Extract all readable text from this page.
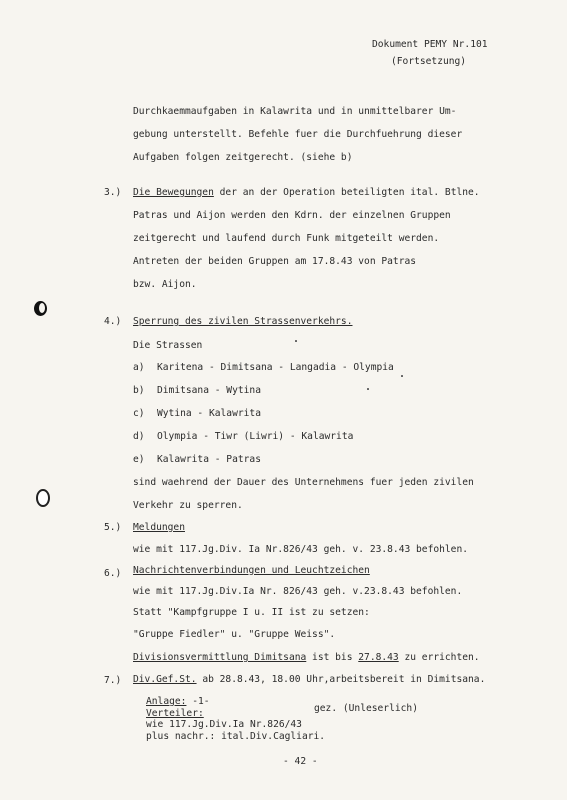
Dokument PEMY Nr.101
(Fortsetzung)
Durchkaemmaufgaben in Kalawrita und in unmittelbarer Um-
gebung unterstellt. Befehle fuer die Durchfuehrung dieser
Aufgaben folgen zeitgerecht. (siehe b)
3.) Die Bewegungen der an der Operation beteiligten ital. Btlne.
Patras und Aijon werden den Kdrn. der einzelnen Gruppen
zeitgerecht und laufend durch Funk mitgeteilt werden.
Antreten der beiden Gruppen am 17.8.43 von Patras
bzw. Aijon.
4.) Sperrung des zivilen Strassenverkehrs.
Die Strassen
a) Karitena - Dimitsana - Langadia - Olympia
b) Dimitsana - Wytina
c) Wytina - Kalawrita
d) Olympia - Tiwr (Liwri) - Kalawrita
e) Kalawrita - Patras
sind waehrend der Dauer des Unternehmens fuer jeden zivilen
Verkehr zu sperren.
5.) Meldungen
wie mit 117.Jg.Div. Ia Nr.826/43 geh. v. 23.8.43 befohlen.
6.) Nachrichtenverbindungen und Leuchtzeichen
wie mit 117.Jg.Div.Ia Nr. 826/43 geh. v.23.8.43 befohlen.
Statt "Kampfgruppe I u. II ist zu setzen:
"Gruppe Fiedler" u. "Gruppe Weiss".
Divisionsvermittlung Dimitsana ist bis 27.8.43 zu errichten.
7.) Div.Gef.St. ab 28.8.43, 18.00 Uhr,arbeitsbereit in Dimitsana.
Anlage: -1-
Verteiler:
wie 117.Jg.Div.Ia Nr.826/43
plus nachr.: ital.Div.Cagliari.
gez. (Unleserlich)
- 42 -
